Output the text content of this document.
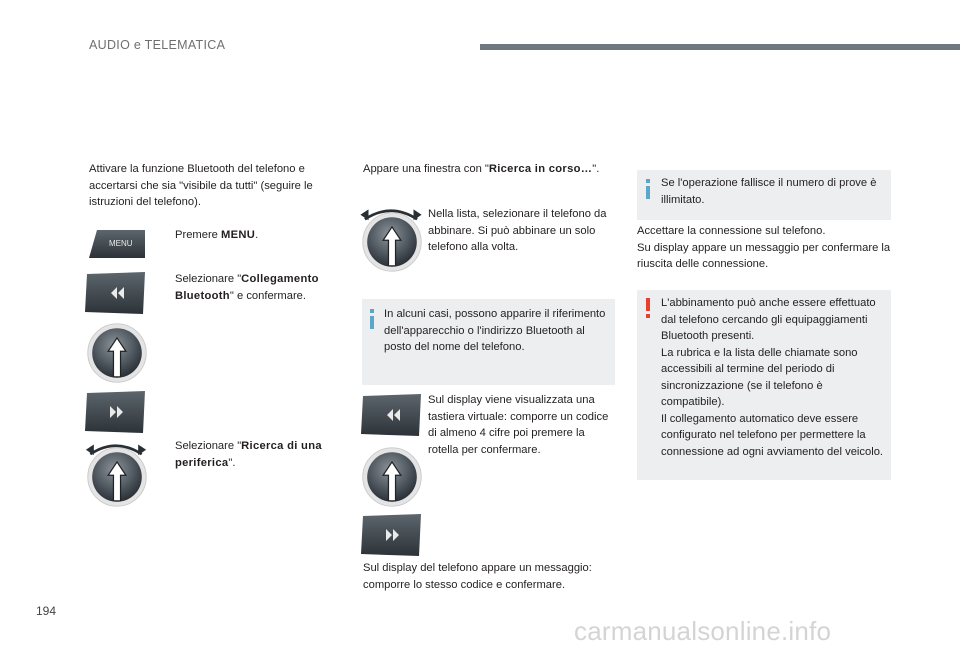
AUDIO e TELEMATICA
Attivare la funzione Bluetooth del telefono e accertarsi che sia "visibile da tutti" (seguire le istruzioni del telefono).
MENU
Premere MENU.
Selezionare "Collegamento Bluetooth" e confermare.
Selezionare "Ricerca di una periferica".
Appare una finestra con "Ricerca in corso…".
Nella lista, selezionare il telefono da abbinare. Si può abbinare un solo telefono alla volta.
In alcuni casi, possono apparire il riferimento dell'apparecchio o l'indirizzo Bluetooth al posto del nome del telefono.
Sul display viene visualizzata una tastiera virtuale: comporre un codice di almeno 4 cifre poi premere la rotella per confermare.
Sul display del telefono appare un messaggio: comporre lo stesso codice e confermare.
Se l'operazione fallisce il numero di prove è illimitato.
Accettare la connessione sul telefono.
Su display appare un messaggio per confermare la riuscita delle connessione.
L'abbinamento può anche essere effettuato dal telefono cercando gli equipaggiamenti Bluetooth presenti.
La rubrica e la lista delle chiamate sono accessibili al termine del periodo di sincronizzazione (se il telefono è compatibile).
Il collegamento automatico deve essere configurato nel telefono per permettere la connessione ad ogni avviamento del veicolo.
194
carmanualsonline.info
